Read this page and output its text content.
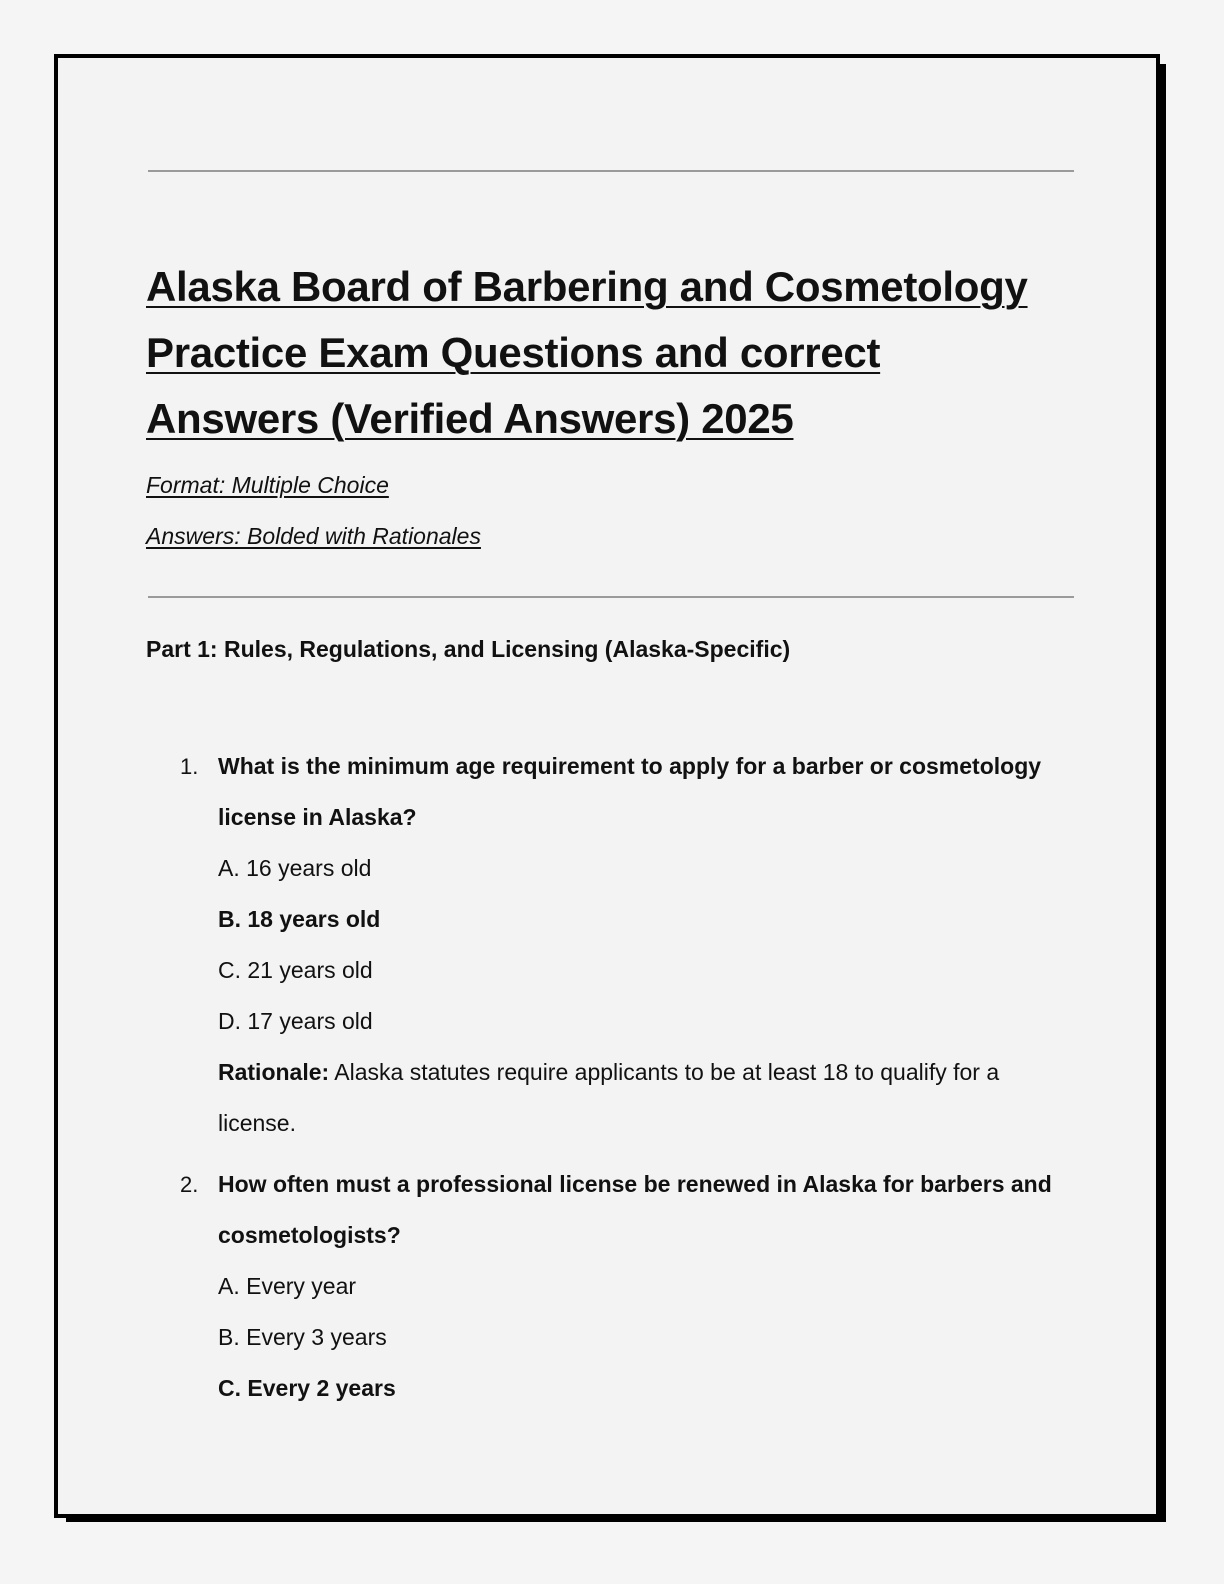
Alaska Board of Barbering and Cosmetology
Practice Exam Questions and correct
Answers (Verified Answers) 2025
Format: Multiple Choice
Answers: Bolded with Rationales
Part 1: Rules, Regulations, and Licensing (Alaska-Specific)
1. What is the minimum age requirement to apply for a barber or cosmetology license in Alaska?
A. 16 years old
B. 18 years old
C. 21 years old
D. 17 years old
Rationale: Alaska statutes require applicants to be at least 18 to qualify for a license.
2. How often must a professional license be renewed in Alaska for barbers and cosmetologists?
A. Every year
B. Every 3 years
C. Every 2 years
